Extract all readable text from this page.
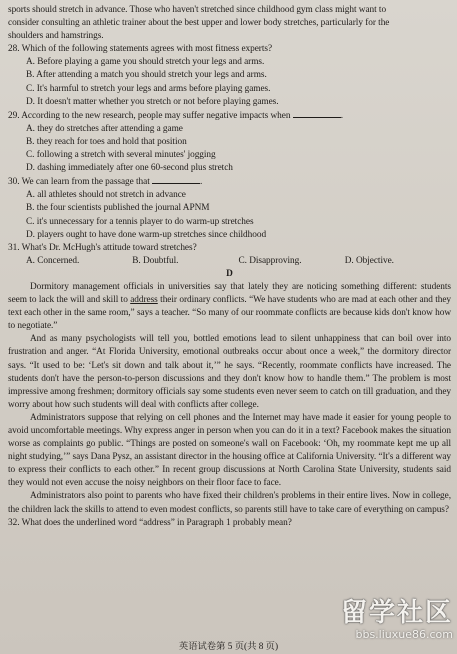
sports should stretch in advance. Those who haven't stretched since childhood gym class might want to
consider consulting an athletic trainer about the best upper and lower body stretches, particularly for the
shoulders and hamstrings.
28. Which of the following statements agrees with most fitness experts?
A. Before playing a game you should stretch your legs and arms.
B. After attending a match you should stretch your legs and arms.
C. It's harmful to stretch your legs and arms before playing games.
D. It doesn't matter whether you stretch or not before playing games.
29. According to the new research, people may suffer negative impacts when	.
A. they do stretches after attending a game
B. they reach for toes and hold that position
C. following a stretch with several minutes' jogging
D. dashing immediately after one 60-second plus stretch
30. We can learn from the passage that	.
A. all athletes should not stretch in advance
B. the four scientists published the journal APNM
C. it's unnecessary for a tennis player to do warm-up stretches
D. players ought to have done warm-up stretches since childhood
31. What's Dr. McHugh's attitude toward stretches?
A. Concerned.	B. Doubtful.	C. Disapproving.	D. Objective.
D
Dormitory management officials in universities say that lately they are noticing something different: students seem to lack the will and skill to address their ordinary conflicts. “We have students who are mad at each other and they text each other in the same room,” says a teacher. “So many of our roommate conflicts are because kids don't know how to negotiate.”
And as many psychologists will tell you, bottled emotions lead to silent unhappiness that can boil over into frustration and anger. “At Florida University, emotional outbreaks occur about once a week,” the dormitory director says. “It used to be: ‘Let's sit down and talk about it,’” he says. “Recently, roommate conflicts have increased. The students don't have the person-to-person discussions and they don't know how to handle them.” The problem is most impressive among freshmen; dormitory officials say some students even never seem to catch on till graduation, and they worry about how such students will deal with conflicts after college.
Administrators suppose that relying on cell phones and the Internet may have made it easier for young people to avoid uncomfortable meetings. Why express anger in person when you can do it in a text? Facebook makes the situation worse as complaints go public. “Things are posted on someone's wall on Facebook: ‘Oh, my roommate kept me up all night studying,’” says Dana Pysz, an assistant director in the housing office at California University. “It's a different way to express their conflicts to each other.” In recent group discussions at North Carolina State University, students said they would not even accuse the noisy neighbors on their floor face to face.
Administrators also point to parents who have fixed their children's problems in their entire lives. Now in college, the children lack the skills to attend to even modest conflicts, so parents still have to take care of everything on campus?
32. What does the underlined word “address” in Paragraph 1 probably mean?
英语试卷第 5 页(共 8 页)
留学社区
bbs.liuxue86.com
